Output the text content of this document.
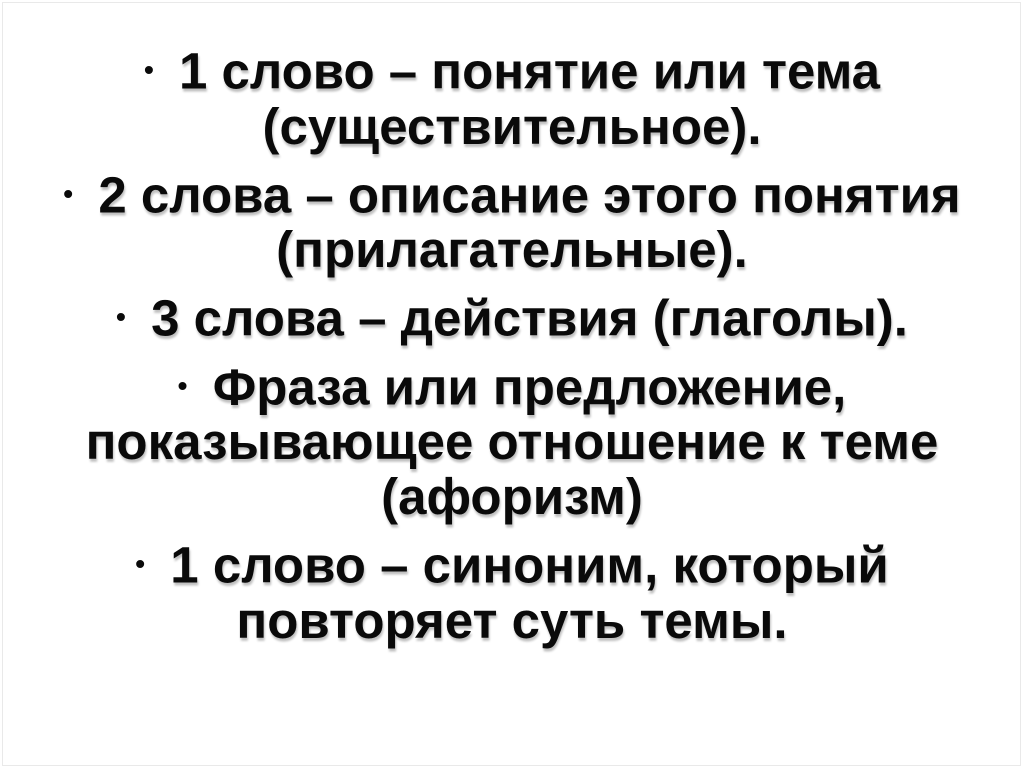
• 1 слово – понятие или тема
(существительное).
• 2 слова – описание этого понятия
(прилагательные).
• 3 слова – действия (глаголы).
• Фраза или предложение,
показывающее отношение к теме
(афоризм)
• 1 слово – синоним, который
повторяет суть темы.
